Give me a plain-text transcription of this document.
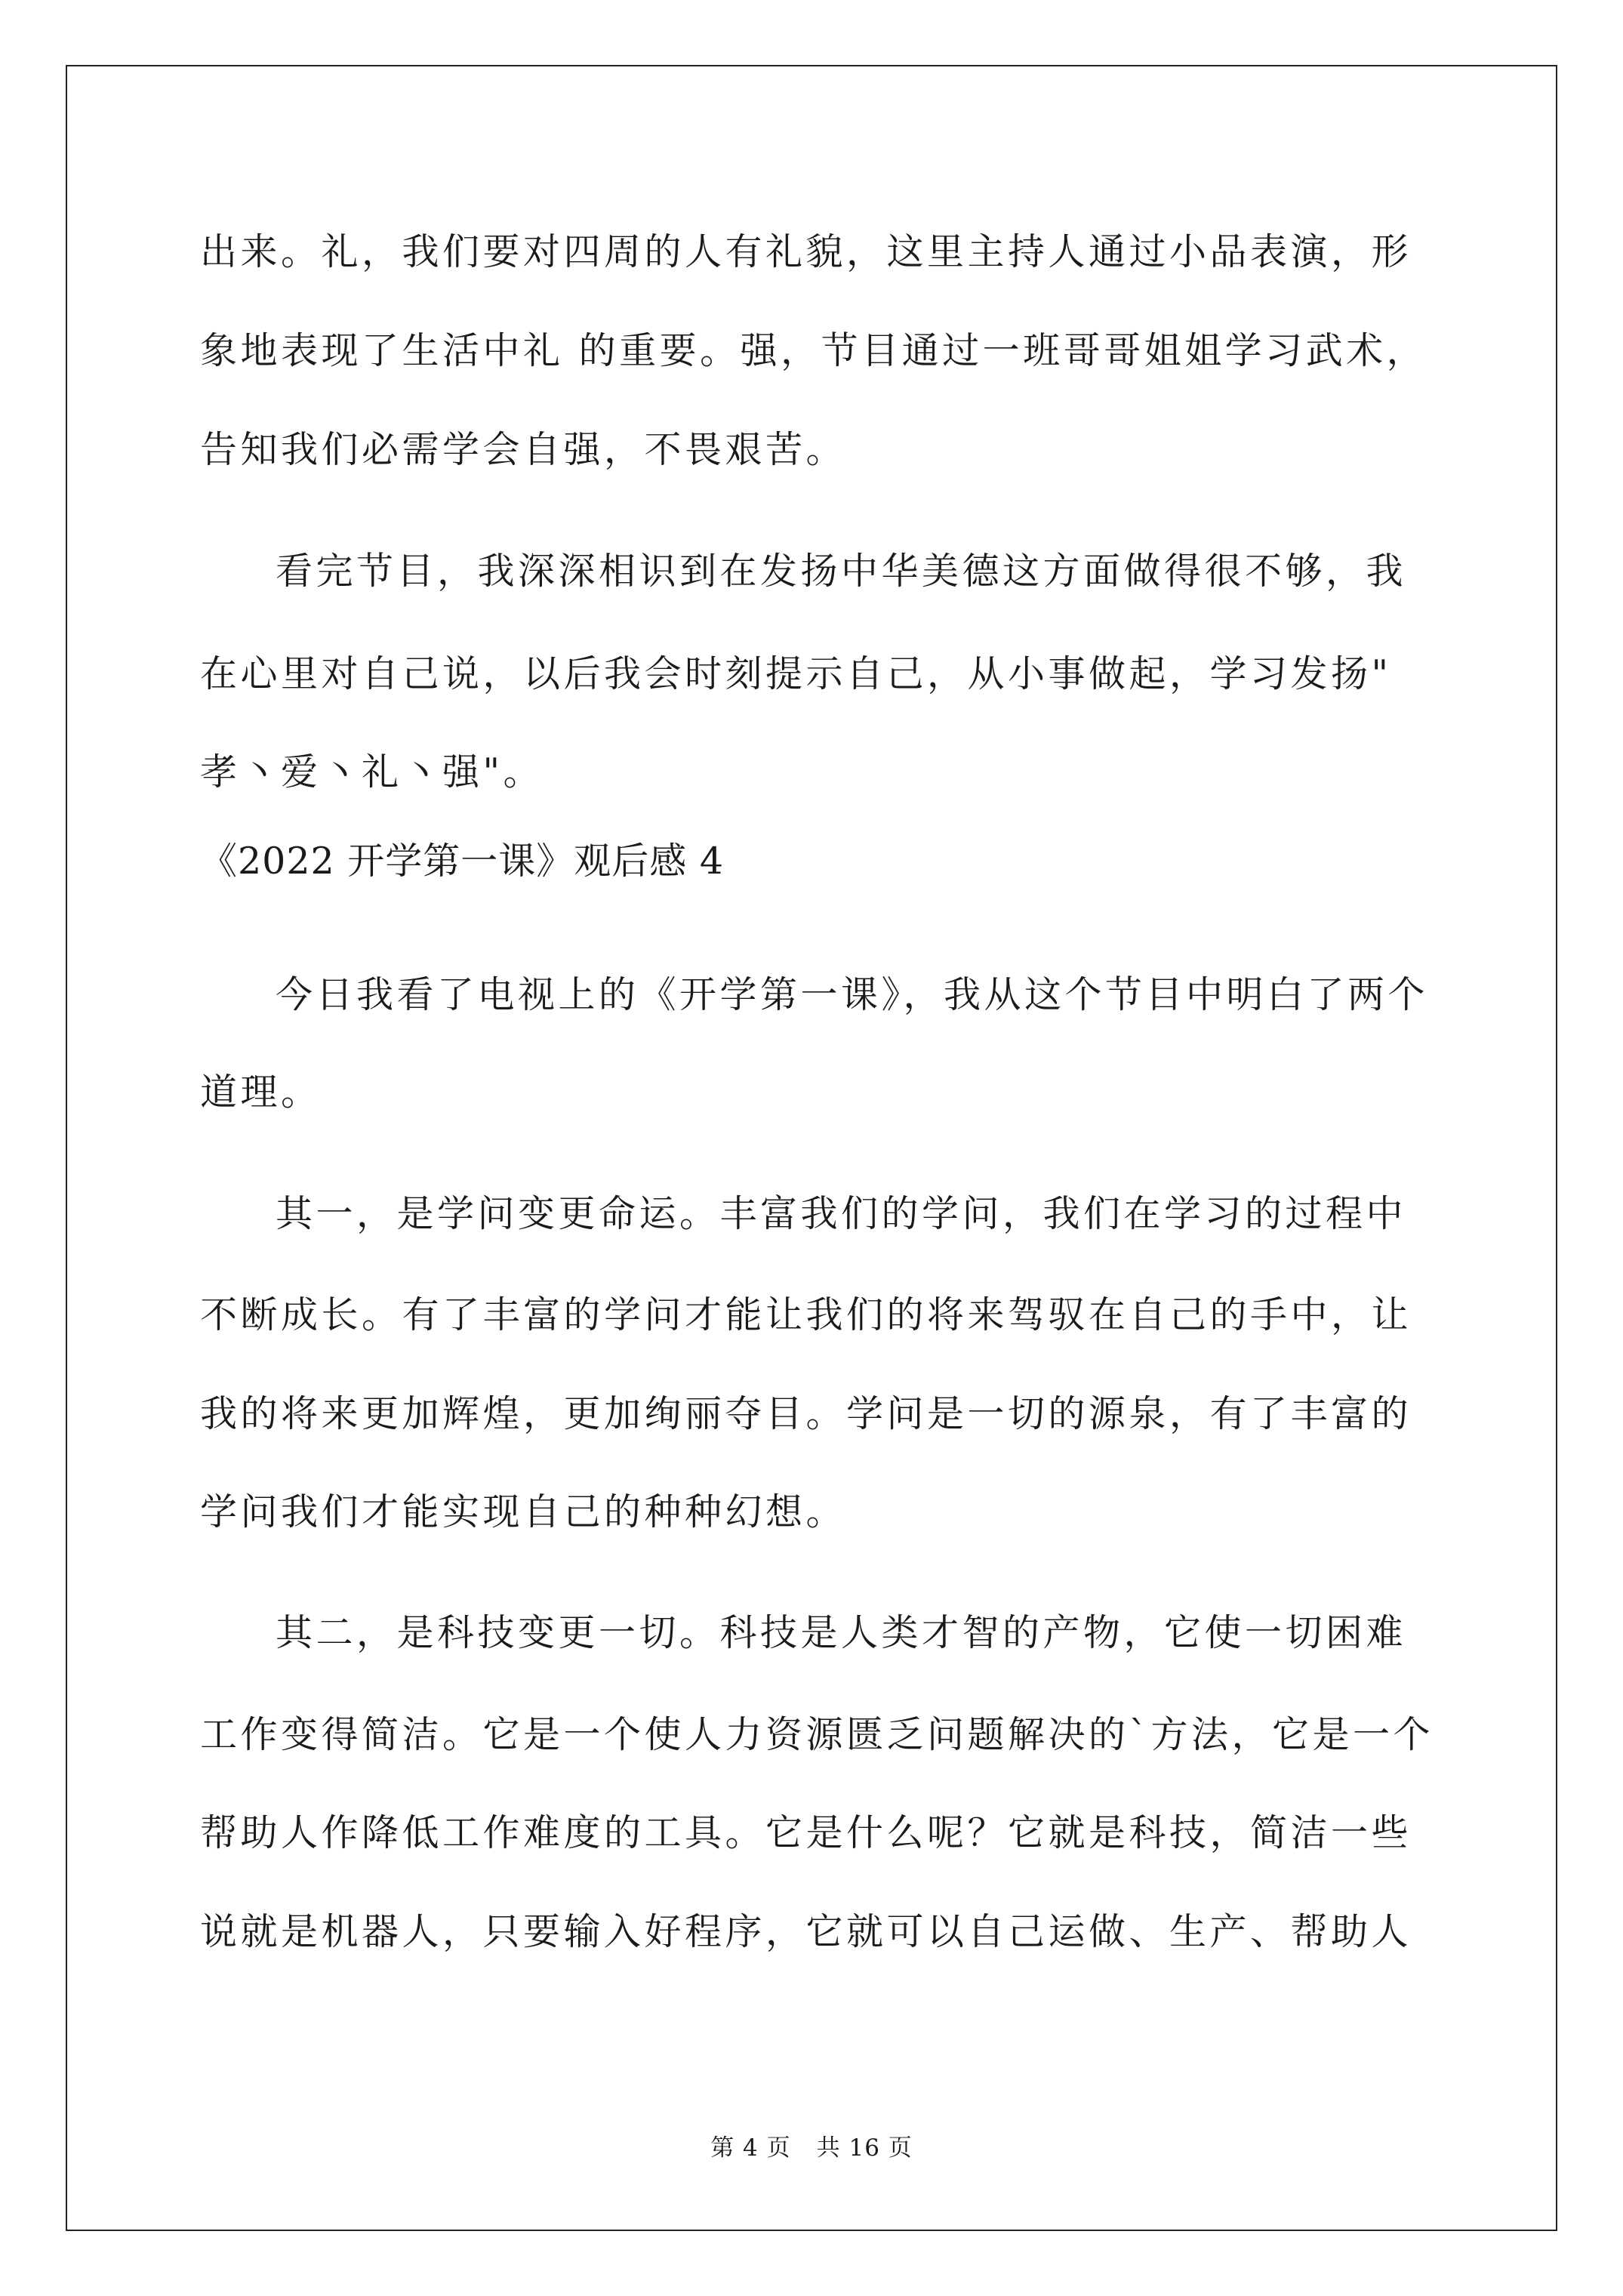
出来。礼，我们要对四周的人有礼貌，这里主持人通过小品表演，形
象地表现了生活中礼 的重要。强，节目通过一班哥哥姐姐学习武术，
告知我们必需学会自强，不畏艰苦。
看完节目，我深深相识到在发扬中华美德这方面做得很不够，我
在心里对自己说，以后我会时刻提示自己，从小事做起，学习发扬"
孝丶爱丶礼丶强"。
《2022 开学第一课》观后感 4
今日我看了电视上的《开学第一课》，我从这个节目中明白了两个
道理。
其一，是学问变更命运。丰富我们的学问，我们在学习的过程中
不断成长。有了丰富的学问才能让我们的将来驾驭在自己的手中，让
我的将来更加辉煌，更加绚丽夺目。学问是一切的源泉，有了丰富的
学问我们才能实现自己的种种幻想。
其二，是科技变更一切。科技是人类才智的产物，它使一切困难
工作变得简洁。它是一个使人力资源匮乏问题解决的`方法，它是一个
帮助人作降低工作难度的工具。它是什么呢？它就是科技，简洁一些
说就是机器人，只要输入好程序，它就可以自己运做、生产、帮助人
第 4 页 共 16 页
